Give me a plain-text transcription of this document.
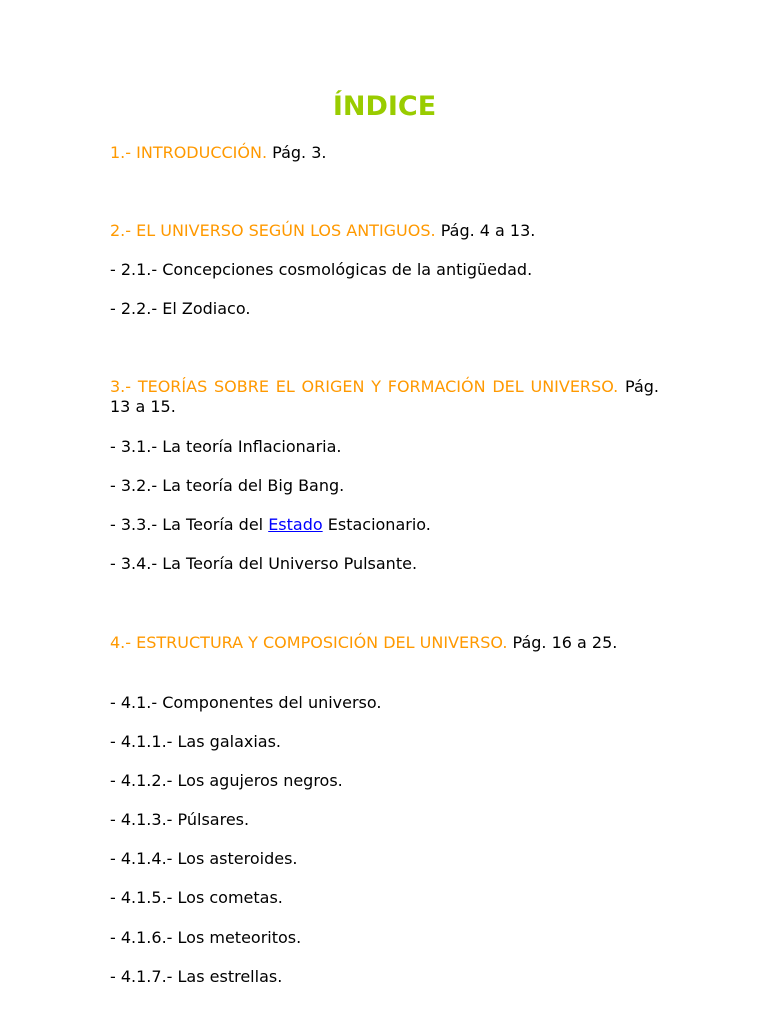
ÍNDICE
1.- INTRODUCCIÓN. Pág. 3.
2.- EL UNIVERSO SEGÚN LOS ANTIGUOS. Pág. 4 a 13.
- 2.1.- Concepciones cosmológicas de la antigüedad.
- 2.2.- El Zodiaco.
3.- TEORÍAS SOBRE EL ORIGEN Y FORMACIÓN DEL UNIVERSO. Pág. 13 a 15.
- 3.1.- La teoría Inflacionaria.
- 3.2.- La teoría del Big Bang.
- 3.3.- La Teoría del Estado Estacionario.
- 3.4.- La Teoría del Universo Pulsante.
4.- ESTRUCTURA Y COMPOSICIÓN DEL UNIVERSO. Pág. 16 a 25.
- 4.1.- Componentes del universo.
- 4.1.1.- Las galaxias.
- 4.1.2.- Los agujeros negros.
- 4.1.3.- Púlsares.
- 4.1.4.- Los asteroides.
- 4.1.5.- Los cometas.
- 4.1.6.- Los meteoritos.
- 4.1.7.- Las estrellas.
